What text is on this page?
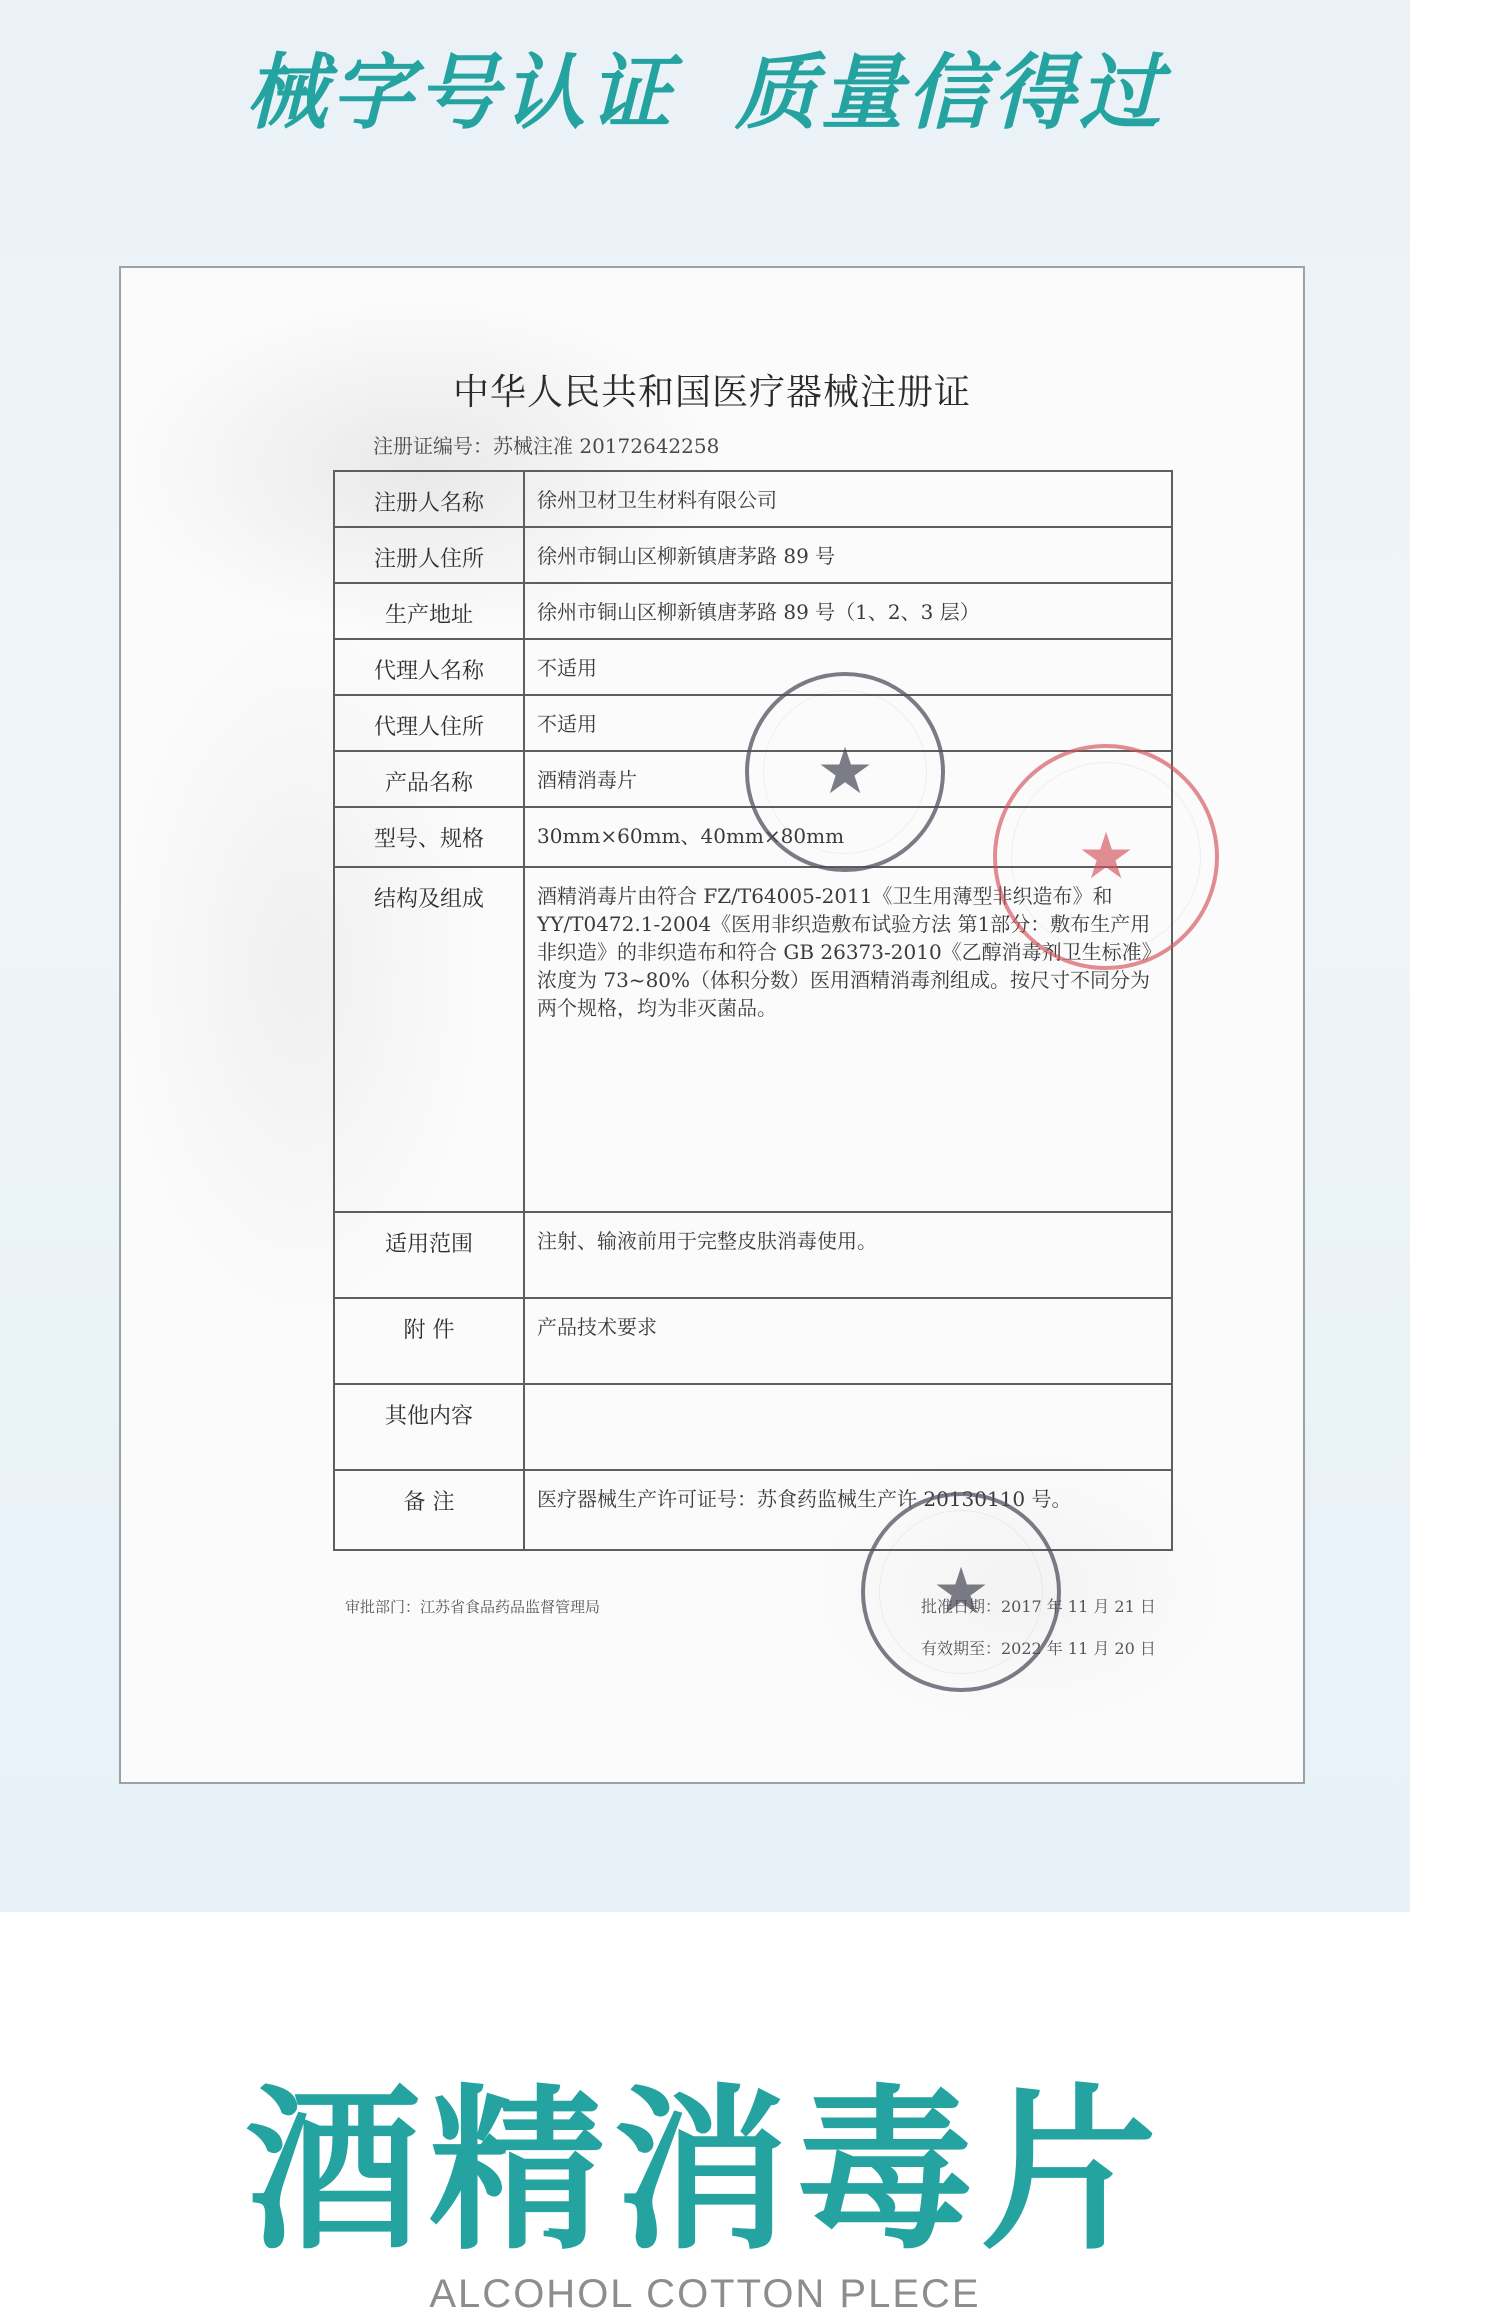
械字号认证 质量信得过
中华人民共和国医疗器械注册证
注册证编号：苏械注准 20172642258
注册人名称	徐州卫材卫生材料有限公司
注册人住所	徐州市铜山区柳新镇唐茅路 89 号
生产地址	徐州市铜山区柳新镇唐茅路 89 号（1、2、3 层）
代理人名称	不适用
代理人住所	不适用
产品名称	酒精消毒片
型号、规格	30mm×60mm、40mm×80mm
结构及组成	酒精消毒片由符合 FZ/T64005-2011《卫生用薄型非织造布》和 YY/T0472.1-2004《医用非织造敷布试验方法 第1部分：敷布生产用非织造》的非织造布和符合 GB 26373-2010《乙醇消毒剂卫生标准》浓度为 73~80%（体积分数）医用酒精消毒剂组成。按尺寸不同分为两个规格，均为非灭菌品。
适用范围	注射、输液前用于完整皮肤消毒使用。
附 件	产品技术要求
其他内容	
备 注	医疗器械生产许可证号：苏食药监械生产许 20130110 号。
★
★
审批部门：江苏省食品药品监督管理局	批准日期：2017 年 11 月 21 日
有效期至：2022 年 11 月 20 日
★
酒精消毒片
ALCOHOL COTTON PLECE
